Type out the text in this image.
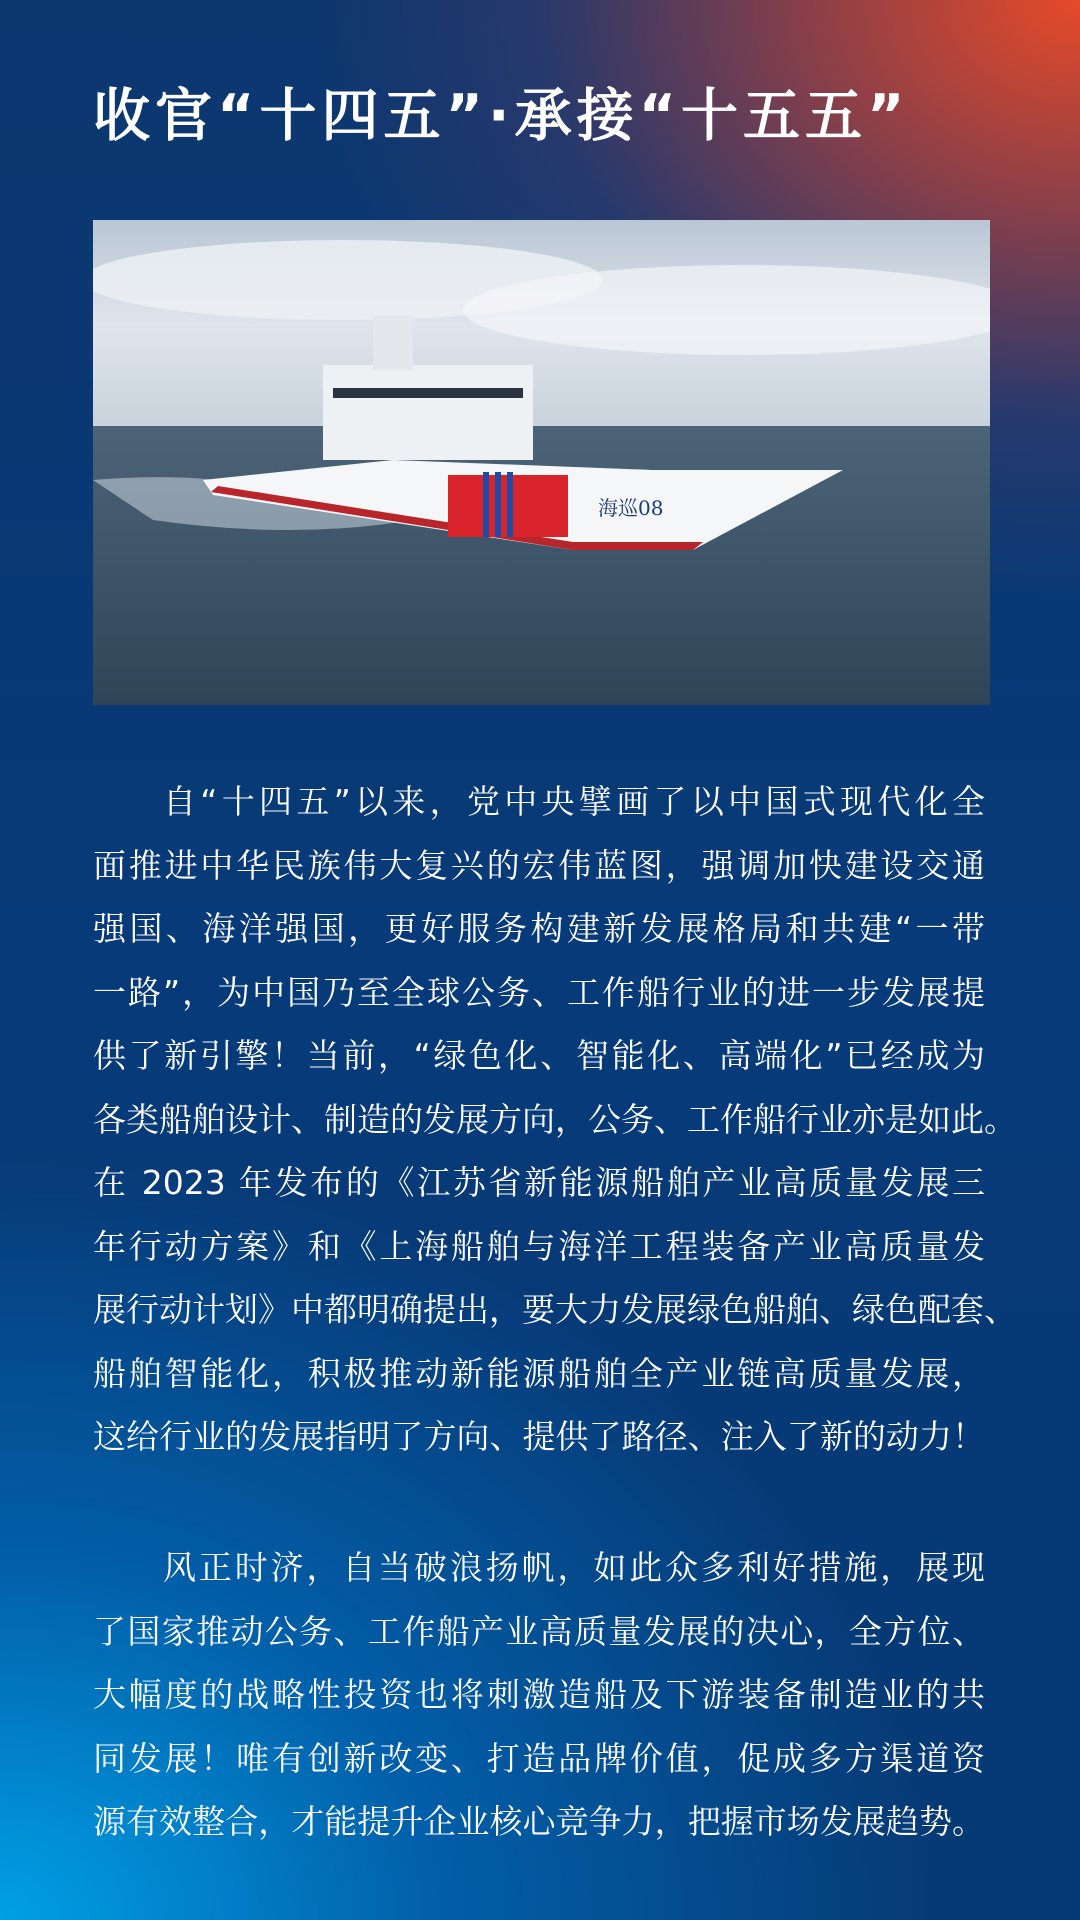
收官“十四五”·承接“十五五”
海巡08
自“十四五”以来，党中央擘画了以中国式现代化全
面推进中华民族伟大复兴的宏伟蓝图，强调加快建设交通
强国、海洋强国，更好服务构建新发展格局和共建“一带
一路”，为中国乃至全球公务、工作船行业的进一步发展提
供了新引擎！当前，“绿色化、智能化、高端化”已经成为
各类船舶设计、制造的发展方向，公务、工作船行业亦是如此。
在 2023 年发布的《江苏省新能源船舶产业高质量发展三
年行动方案》和《上海船舶与海洋工程装备产业高质量发
展行动计划》中都明确提出，要大力发展绿色船舶、绿色配套、
船舶智能化，积极推动新能源船舶全产业链高质量发展，
这给行业的发展指明了方向、提供了路径、注入了新的动力！
风正时济，自当破浪扬帆，如此众多利好措施，展现
了国家推动公务、工作船产业高质量发展的决心，全方位、
大幅度的战略性投资也将刺激造船及下游装备制造业的共
同发展！唯有创新改变、打造品牌价值，促成多方渠道资
源有效整合，才能提升企业核心竞争力，把握市场发展趋势。
